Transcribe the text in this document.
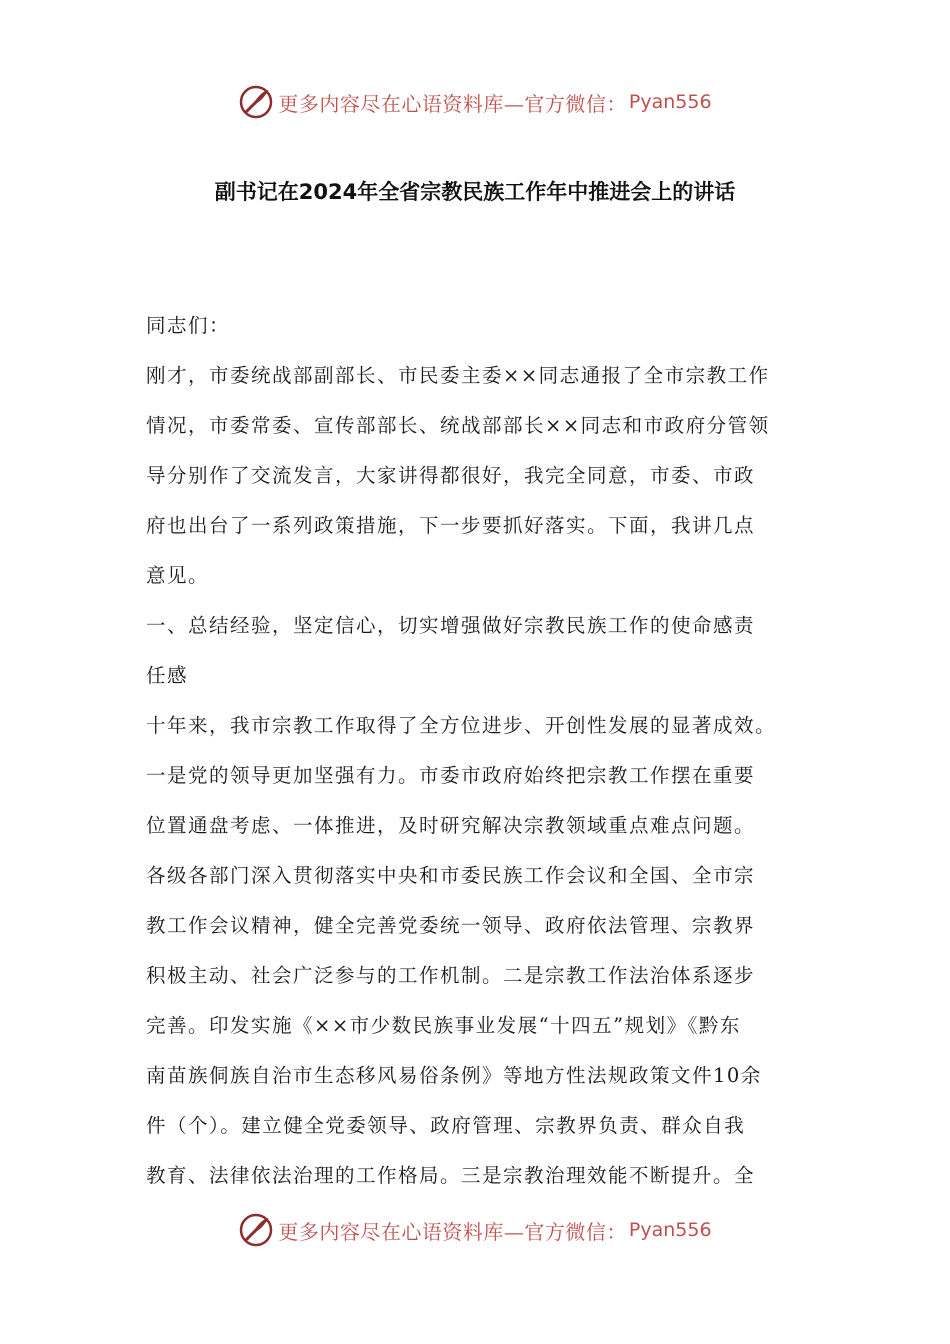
更多内容尽在心语资料库—官方微信： Pyan556
副书记在2024年全省宗教民族工作年中推进会上的讲话

同志们：

刚才，市委统战部副部长、市民委主委××同志通报了全市宗教工作

情况，市委常委、宣传部部长、统战部部长××同志和市政府分管领

导分别作了交流发言，大家讲得都很好，我完全同意，市委、市政

府也出台了一系列政策措施，下一步要抓好落实。下面，我讲几点

意见。

一、总结经验，坚定信心，切实增强做好宗教民族工作的使命感责

任感

十年来，我市宗教工作取得了全方位进步、开创性发展的显著成效。

一是党的领导更加坚强有力。市委市政府始终把宗教工作摆在重要

位置通盘考虑、一体推进，及时研究解决宗教领域重点难点问题。

各级各部门深入贯彻落实中央和市委民族工作会议和全国、全市宗

教工作会议精神，健全完善党委统一领导、政府依法管理、宗教界

积极主动、社会广泛参与的工作机制。二是宗教工作法治体系逐步

完善。印发实施《××市少数民族事业发展“十四五”规划》《黔东

南苗族侗族自治市生态移风易俗条例》等地方性法规政策文件10余

件（个）。建立健全党委领导、政府管理、宗教界负责、群众自我

教育、法律依法治理的工作格局。三是宗教治理效能不断提升。全

更多内容尽在心语资料库—官方微信： Pyan556
